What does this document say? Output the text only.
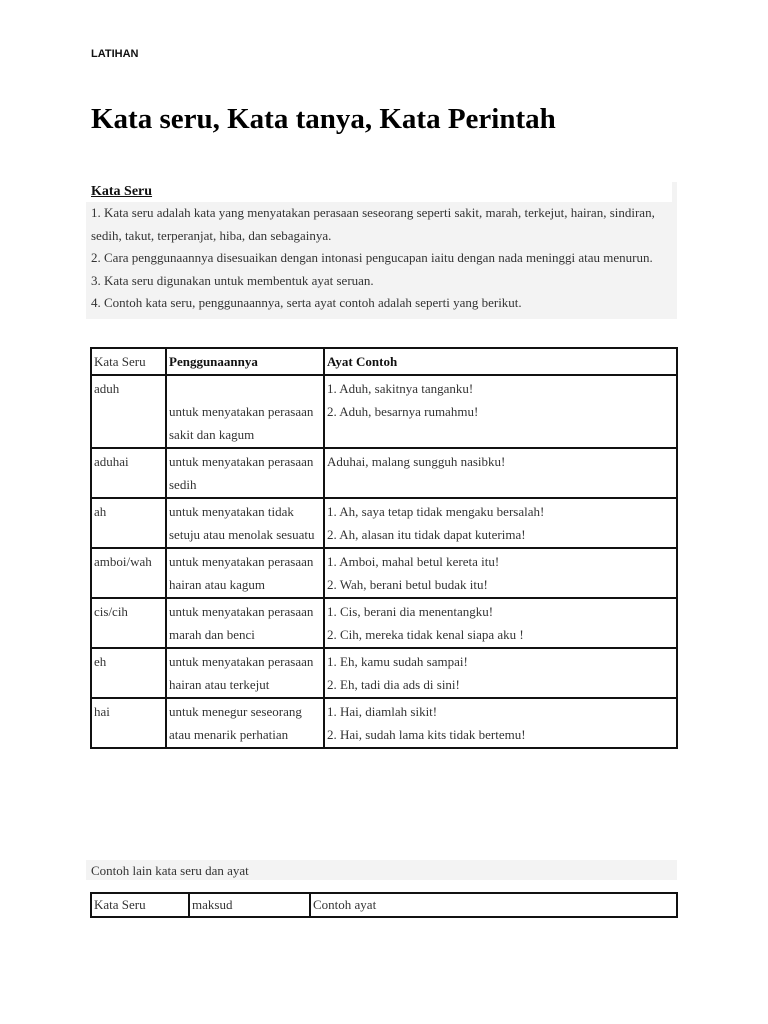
LATIHAN
Kata seru, Kata tanya, Kata Perintah
Kata Seru

1. Kata seru adalah kata yang menyatakan perasaan seseorang seperti sakit, marah, terkejut, hairan, sindiran, sedih, takut, terperanjat, hiba, dan sebagainya.

2. Cara penggunaannya disesuaikan dengan intonasi pengucapan iaitu dengan nada meninggi atau menurun.

3. Kata seru digunakan untuk membentuk ayat seruan.

4. Contoh kata seru, penggunaannya, serta ayat contoh adalah seperti yang berikut.

Kata Seru	Penggunaannya	Ayat Contoh
aduh	untuk menyatakan perasaan sakit dan kagum	1. Aduh, sakitnya tanganku!
2. Aduh, besarnya rumahmu!

aduhai	untuk menyatakan perasaan sedih	Aduhai, malang sungguh nasibku!

ah	untuk menyatakan tidak setuju atau menolak sesuatu	1. Ah, saya tetap tidak mengaku bersalah!
2. Ah, alasan itu tidak dapat kuterima!

amboi/wah	untuk menyatakan perasaan hairan atau kagum	1. Amboi, mahal betul kereta itu!
2. Wah, berani betul budak itu!

cis/cih	untuk menyatakan perasaan marah dan benci	1. Cis, berani dia menentangku!
2. Cih, mereka tidak kenal siapa aku !

eh	untuk menyatakan perasaan hairan atau terkejut	1. Eh, kamu sudah sampai!
2. Eh, tadi dia ads di sini!

hai	untuk menegur seseorang atau menarik perhatian	1. Hai, diamlah sikit!
2. Hai, sudah lama kits tidak bertemu!
Contoh lain kata seru dan ayat
Kata Seru	maksud	Contoh ayat
